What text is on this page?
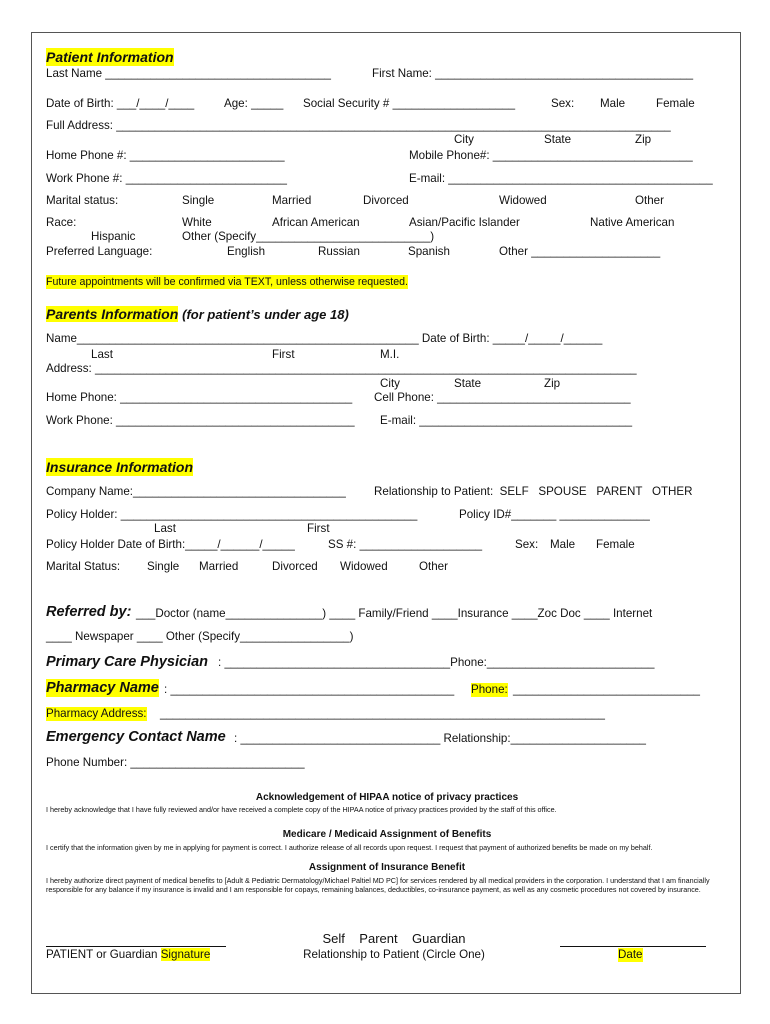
Patient Information
Last Name ___________________________________	First Name: ________________________________________
Date of Birth: ___/____/____	Age: _____ Social Security # ___________________	Sex: Male	Female
Full Address: ______________________________________________________________________________________
City	State	Zip
Home Phone #: ________________________	Mobile Phone#: _______________________________
Work Phone #: _________________________	E-mail: _________________________________________
Marital status:	Single	Married	Divorced	Widowed	Other
Race:	White	African American	Asian/Pacific Islander	Native American
Hispanic	Other (Specify___________________________)
Preferred Language:	English	Russian	Spanish	Other ____________________
Future appointments will be confirmed via TEXT, unless otherwise requested.
Parents Information (for patient’s under age 18)
Name_____________________________________________________ Date of Birth: _____/_____/______
Last	First	M.I.
Address: ____________________________________________________________________________________
City	State	Zip
Home Phone: ____________________________________ Cell Phone: ______________________________
Work Phone: _____________________________________ E-mail: _________________________________
Insurance Information
Company Name:_________________________________ Relationship to Patient:  SELF   SPOUSE   PARENT   OTHER
Policy Holder: ______________________________________________	Policy ID#_______ ______________
Last	First
Policy Holder Date of Birth:_____/______/_____	SS #: ___________________	Sex: Male Female
Marital Status: Single Married	Divorced Widowed	Other
Referred by: ___Doctor (name_______________) ____ Family/Friend ____Insurance ____Zoc Doc ____ Internet
____ Newspaper ____ Other (Specify_________________)
Primary Care Physician : ___________________________________Phone:__________________________
Pharmacy Name : ____________________________________________ Phone: _____________________________
Pharmacy Address: _____________________________________________________________________
Emergency Contact Name : _______________________________ Relationship:_____________________
Phone Number: ___________________________
Acknowledgement of HIPAA notice of privacy practices
I hereby acknowledge that I have fully reviewed and/or have received a complete copy of the HIPAA notice of privacy practices provided by the staff of this office.
Medicare / Medicaid Assignment of Benefits
I certify that the information given by me in applying for payment is correct. I authorize release of all records upon request. I request that payment of authorized benefits be made on my behalf.
Assignment of Insurance Benefit
I hereby authorize direct payment of medical benefits to [Adult & Pediatric Dermatology/Michael Paltiel MD PC] for services rendered by all medical providers in the corporation. I understand that I am financially responsible for any balance if my insurance is invalid and I am responsible for copays, remaining balances, deductibles, co-insurance payment, as well as any cosmetic procedures not covered by insurance.
PATIENT or Guardian Signature
Self    Parent    Guardian
Relationship to Patient (Circle One)	Date
